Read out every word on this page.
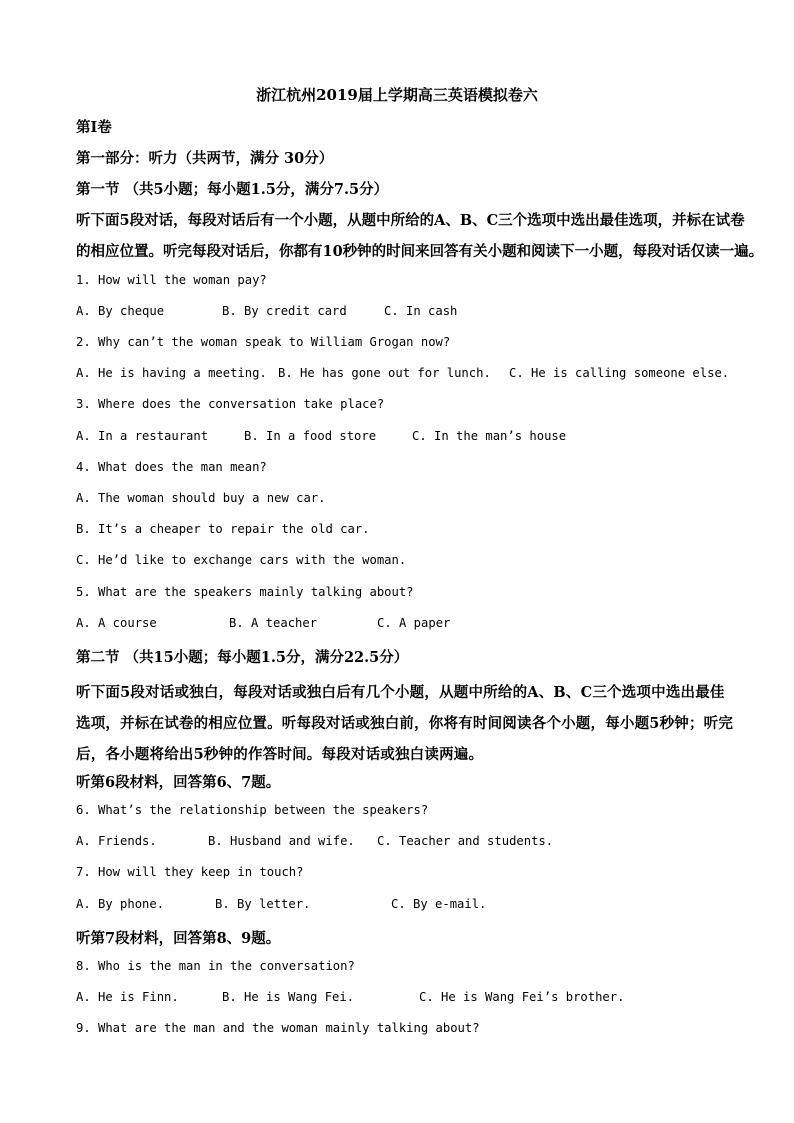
浙江杭州2019届上学期高三英语模拟卷六
第Ⅰ卷
第一部分：听力（共两节，满分 30分）
第一节 （共5小题；每小题1.5分，满分7.5分）
听下面5段对话，每段对话后有一个小题，从题中所给的A、B、C三个选项中选出最佳选项，并标在试卷
的相应位置。听完每段对话后，你都有10秒钟的时间来回答有关小题和阅读下一小题，每段对话仅读一遍。
1. How will the woman pay?
A. By cheque	B. By credit card	C. In cash
2. Why can’t the woman speak to William Grogan now?
A. He is having a meeting. B. He has gone out for lunch. C. He is calling someone else.
3. Where does the conversation take place?
A. In a restaurant	B. In a food store	C. In the man’s house
4. What does the man mean?
A. The woman should buy a new car.
B. It’s a cheaper to repair the old car.
C. He’d like to exchange cars with the woman.
5. What are the speakers mainly talking about?
A. A course	B. A teacher	C. A paper
第二节 （共15小题；每小题1.5分，满分22.5分）
听下面5段对话或独白，每段对话或独白后有几个小题，从题中所给的A、B、C三个选项中选出最佳选项，并标在试卷的相应位置。听每段对话或独白前，你将有时间阅读各个小题，每小题5秒钟；听完后，各小题将给出5秒钟的作答时间。每段对话或独白读两遍。
听第6段材料，回答第6、7题。
6. What’s the relationship between the speakers?
A. Friends.	B. Husband and wife. C. Teacher and students.
7. How will they keep in touch?
A. By phone.	B. By letter.	C. By e-mail.
听第7段材料，回答第8、9题。
8. Who is the man in the conversation?
A. He is Finn.	B. He is Wang Fei.	C. He is Wang Fei’s brother.
9. What are the man and the woman mainly talking about?
